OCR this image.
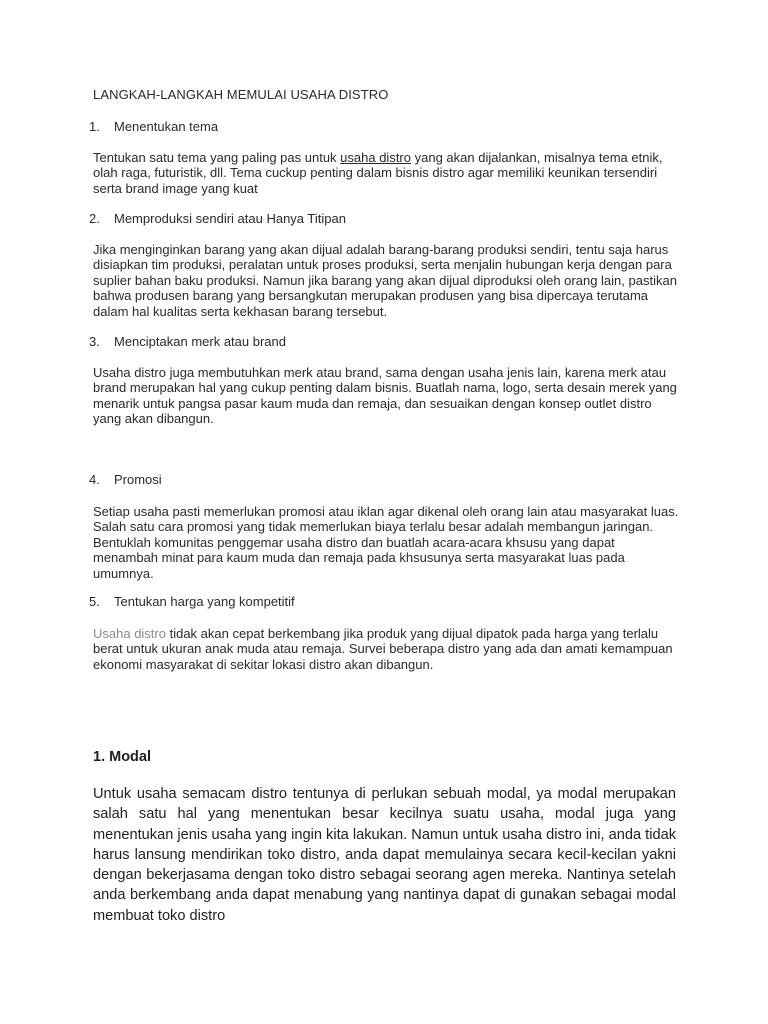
LANGKAH-LANGKAH MEMULAI USAHA DISTRO
1. Menentukan tema

Tentukan satu tema yang paling pas untuk usaha distro yang akan dijalankan, misalnya tema etnik, olah raga, futuristik, dll. Tema cuckup penting dalam bisnis distro agar memiliki keunikan tersendiri serta brand image yang kuat

2. Memproduksi sendiri atau Hanya Titipan

Jika menginginkan barang yang akan dijual adalah barang-barang produksi sendiri, tentu saja harus disiapkan tim produksi, peralatan untuk proses produksi, serta menjalin hubungan kerja dengan para suplier bahan baku produksi. Namun jika barang yang akan dijual diproduksi oleh orang lain, pastikan bahwa produsen barang yang bersangkutan merupakan produsen yang bisa dipercaya terutama dalam hal kualitas serta kekhasan barang tersebut.

3. Menciptakan merk atau brand

Usaha distro juga membutuhkan merk atau brand, sama dengan usaha jenis lain, karena merk atau brand merupakan hal yang cukup penting dalam bisnis. Buatlah nama, logo, serta desain merek yang menarik untuk pangsa pasar kaum muda dan remaja, dan sesuaikan dengan konsep outlet distro yang akan dibangun.

4. Promosi

Setiap usaha pasti memerlukan promosi atau iklan agar dikenal oleh orang lain atau masyarakat luas. Salah satu cara promosi yang tidak memerlukan biaya terlalu besar adalah membangun jaringan. Bentuklah komunitas penggemar usaha distro dan buatlah acara-acara khsusu yang dapat menambah minat para kaum muda dan remaja pada khsusunya serta masyarakat luas pada umumnya.

5. Tentukan harga yang kompetitif

Usaha distro tidak akan cepat berkembang jika produk yang dijual dipatok pada harga yang terlalu berat untuk ukuran anak muda atau remaja. Survei beberapa distro yang ada dan amati kemampuan ekonomi masyarakat di sekitar lokasi distro akan dibangun.

1. Modal
Untuk usaha semacam distro tentunya di perlukan sebuah modal, ya modal merupakan salah satu hal yang menentukan besar kecilnya suatu usaha, modal juga yang menentukan jenis usaha yang ingin kita lakukan. Namun untuk usaha distro ini, anda tidak harus lansung mendirikan toko distro, anda dapat memulainya secara kecil-kecilan yakni dengan bekerjasama dengan toko distro sebagai seorang agen mereka. Nantinya setelah anda berkembang anda dapat menabung yang nantinya dapat di gunakan sebagai modal membuat toko distro
